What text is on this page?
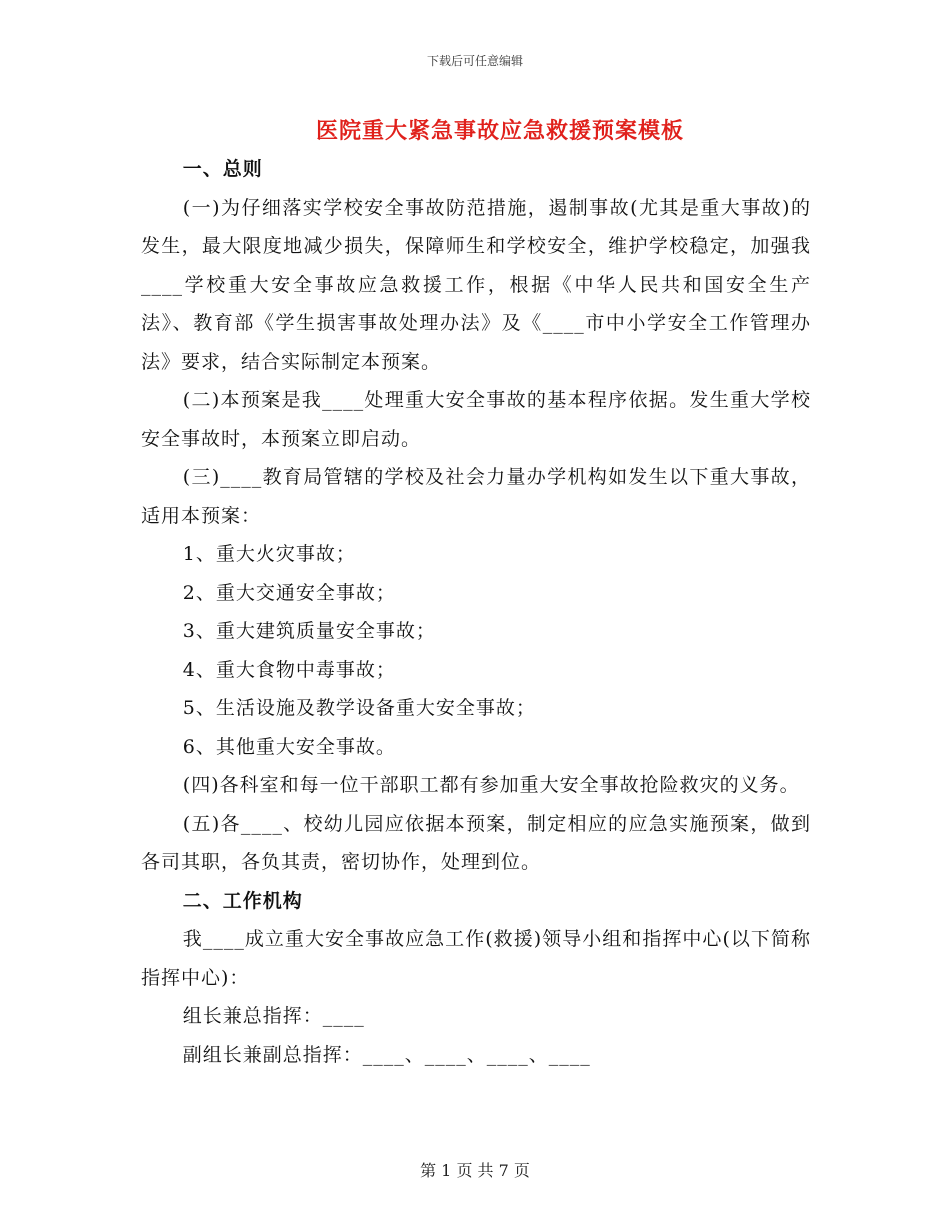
下载后可任意编辑
医院重大紧急事故应急救援预案模板

一、总则

(一)为仔细落实学校安全事故防范措施，遏制事故(尤其是重大事故)的发生，最大限度地减少损失，保障师生和学校安全，维护学校稳定，加强我____学校重大安全事故应急救援工作，根据《中华人民共和国安全生产法》、教育部《学生损害事故处理办法》及《____市中小学安全工作管理办法》要求，结合实际制定本预案。

(二)本预案是我____处理重大安全事故的基本程序依据。发生重大学校安全事故时，本预案立即启动。

(三)____教育局管辖的学校及社会力量办学机构如发生以下重大事故，适用本预案：

1、重大火灾事故；

2、重大交通安全事故；

3、重大建筑质量安全事故；

4、重大食物中毒事故；

5、生活设施及教学设备重大安全事故；

6、其他重大安全事故。

(四)各科室和每一位干部职工都有参加重大安全事故抢险救灾的义务。

(五)各____、校幼儿园应依据本预案，制定相应的应急实施预案，做到各司其职，各负其责，密切协作，处理到位。

二、工作机构

我____成立重大安全事故应急工作(救援)领导小组和指挥中心(以下简称指挥中心)：

组长兼总指挥：____

副组长兼副总指挥：____、____、____、____

第 1 页 共 7 页
